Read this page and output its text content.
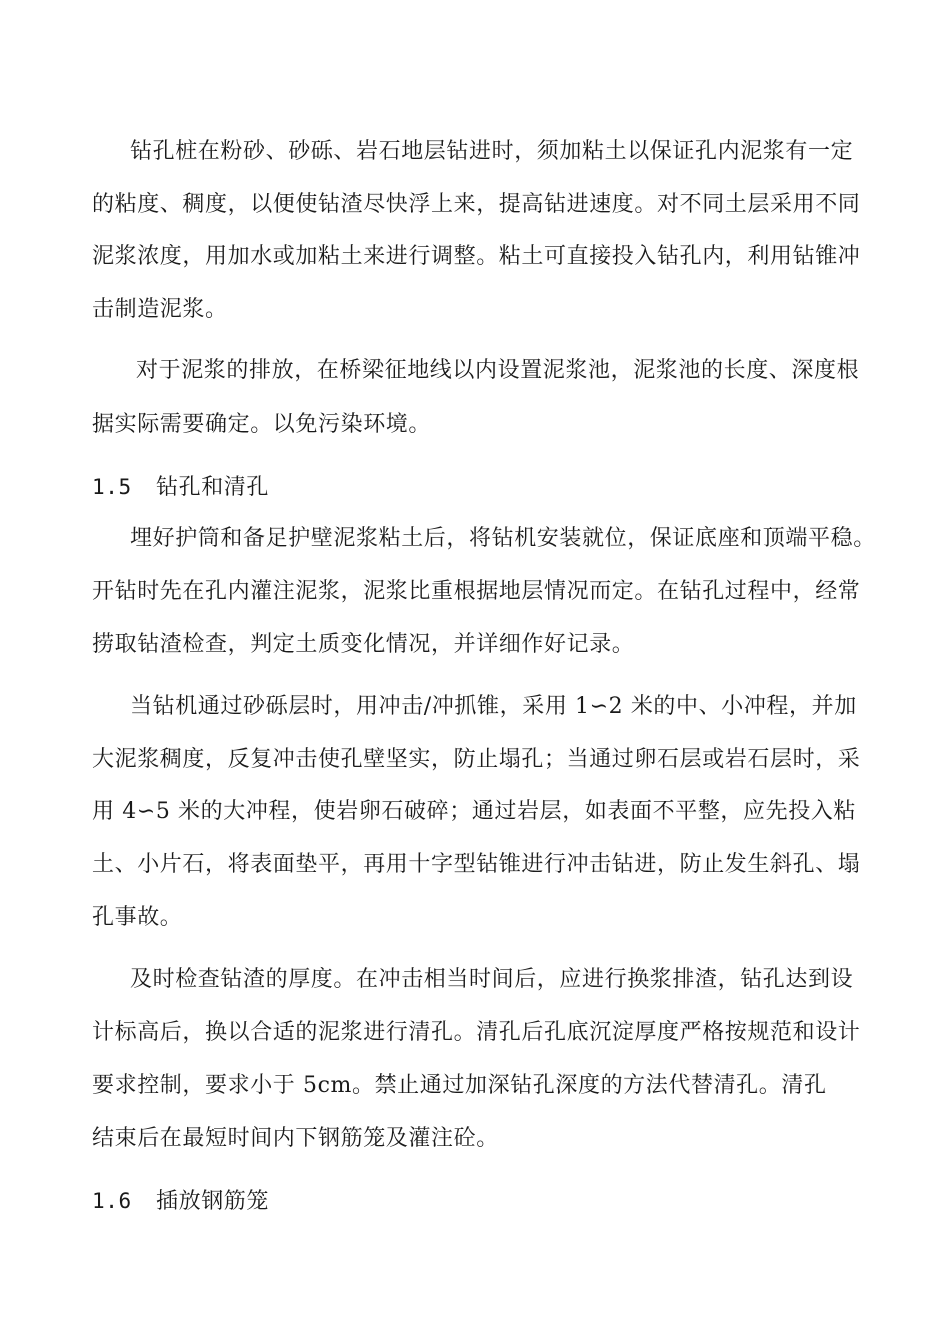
钻孔桩在粉砂、砂砾、岩石地层钻进时，须加粘土以保证孔内泥浆有一定
的粘度、稠度，以便使钻渣尽快浮上来，提高钻进速度。对不同土层采用不同
泥浆浓度，用加水或加粘土来进行调整。粘土可直接投入钻孔内，利用钻锥冲
击制造泥浆。
对于泥浆的排放，在桥梁征地线以内设置泥浆池，泥浆池的长度、深度根
据实际需要确定。以免污染环境。
1.5 钻孔和清孔
埋好护筒和备足护壁泥浆粘土后，将钻机安装就位，保证底座和顶端平稳。
开钻时先在孔内灌注泥浆，泥浆比重根据地层情况而定。在钻孔过程中，经常
捞取钻渣检查，判定土质变化情况，并详细作好记录。
当钻机通过砂砾层时，用冲击/冲抓锥，采用 1∽2 米的中、小冲程，并加
大泥浆稠度，反复冲击使孔壁坚实，防止塌孔；当通过卵石层或岩石层时，采
用 4∽5 米的大冲程，使岩卵石破碎；通过岩层，如表面不平整，应先投入粘
土、小片石，将表面垫平，再用十字型钻锥进行冲击钻进，防止发生斜孔、塌
孔事故。
及时检查钻渣的厚度。在冲击相当时间后，应进行换浆排渣，钻孔达到设
计标高后，换以合适的泥浆进行清孔。清孔后孔底沉淀厚度严格按规范和设计
要求控制，要求小于 5cm。禁止通过加深钻孔深度的方法代替清孔。清孔
结束后在最短时间内下钢筋笼及灌注砼。
1.6 插放钢筋笼
